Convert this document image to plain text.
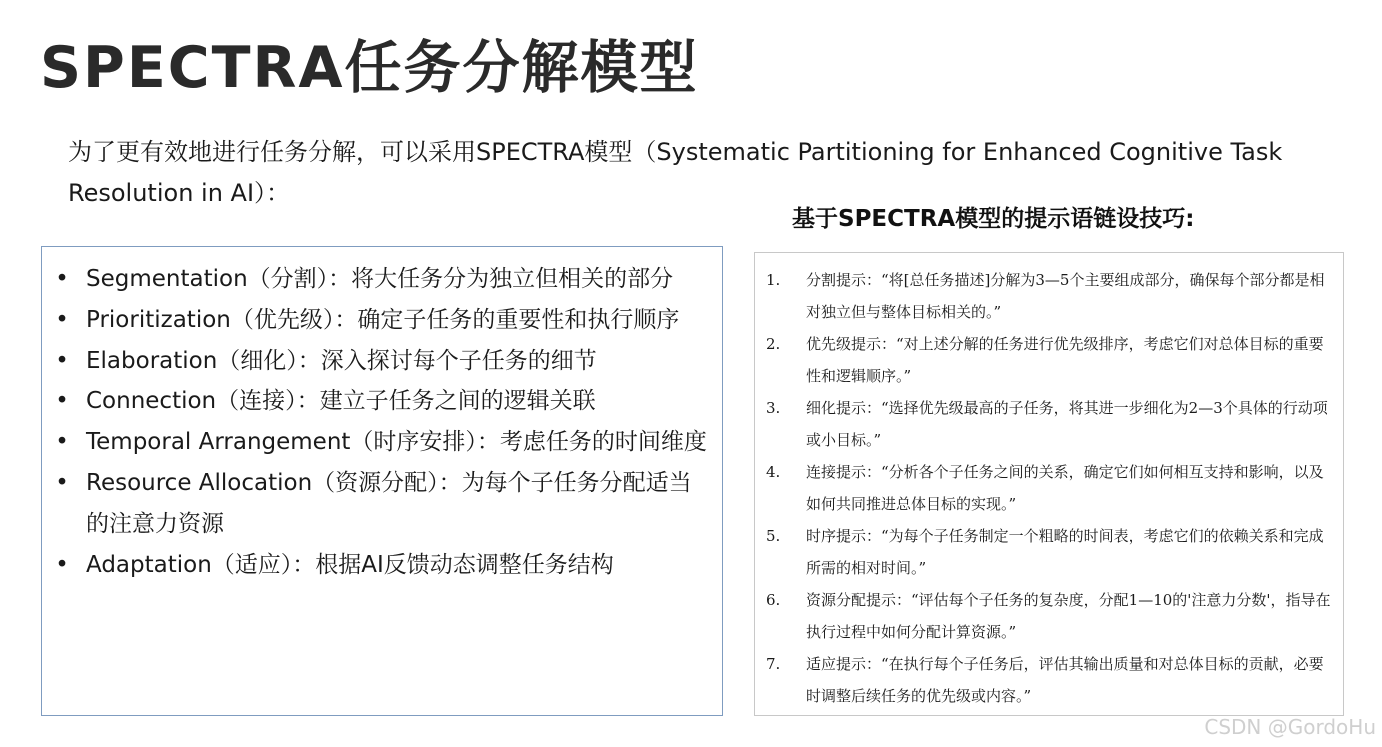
SPECTRA任务分解模型
为了更有效地进行任务分解，可以采用SPECTRA模型（Systematic Partitioning for Enhanced Cognitive Task Resolution in AI）：
• Segmentation（分割）：将大任务分为独立但相关的部分
• Prioritization（优先级）：确定子任务的重要性和执行顺序
• Elaboration（细化）：深入探讨每个子任务的细节
• Connection（连接）：建立子任务之间的逻辑关联
• Temporal Arrangement（时序安排）：考虑任务的时间维度
• Resource Allocation（资源分配）：为每个子任务分配适当的注意力资源
• Adaptation（适应）：根据AI反馈动态调整任务结构
基于SPECTRA模型的提示语链设技巧:
1. 分割提示：“将[总任务描述]分解为3—5个主要组成部分，确保每个部分都是相对独立但与整体目标相关的。”
2. 优先级提示：“对上述分解的任务进行优先级排序，考虑它们对总体目标的重要性和逻辑顺序。”
3. 细化提示：“选择优先级最高的子任务，将其进一步细化为2—3个具体的行动项或小目标。”
4. 连接提示：“分析各个子任务之间的关系，确定它们如何相互支持和影响，以及如何共同推进总体目标的实现。”
5. 时序提示：“为每个子任务制定一个粗略的时间表，考虑它们的依赖关系和完成所需的相对时间。”
6. 资源分配提示：“评估每个子任务的复杂度，分配1—10的'注意力分数'，指导在执行过程中如何分配计算资源。”
7. 适应提示：“在执行每个子任务后，评估其输出质量和对总体目标的贡献，必要时调整后续任务的优先级或内容。”
CSDN @GordoHu
